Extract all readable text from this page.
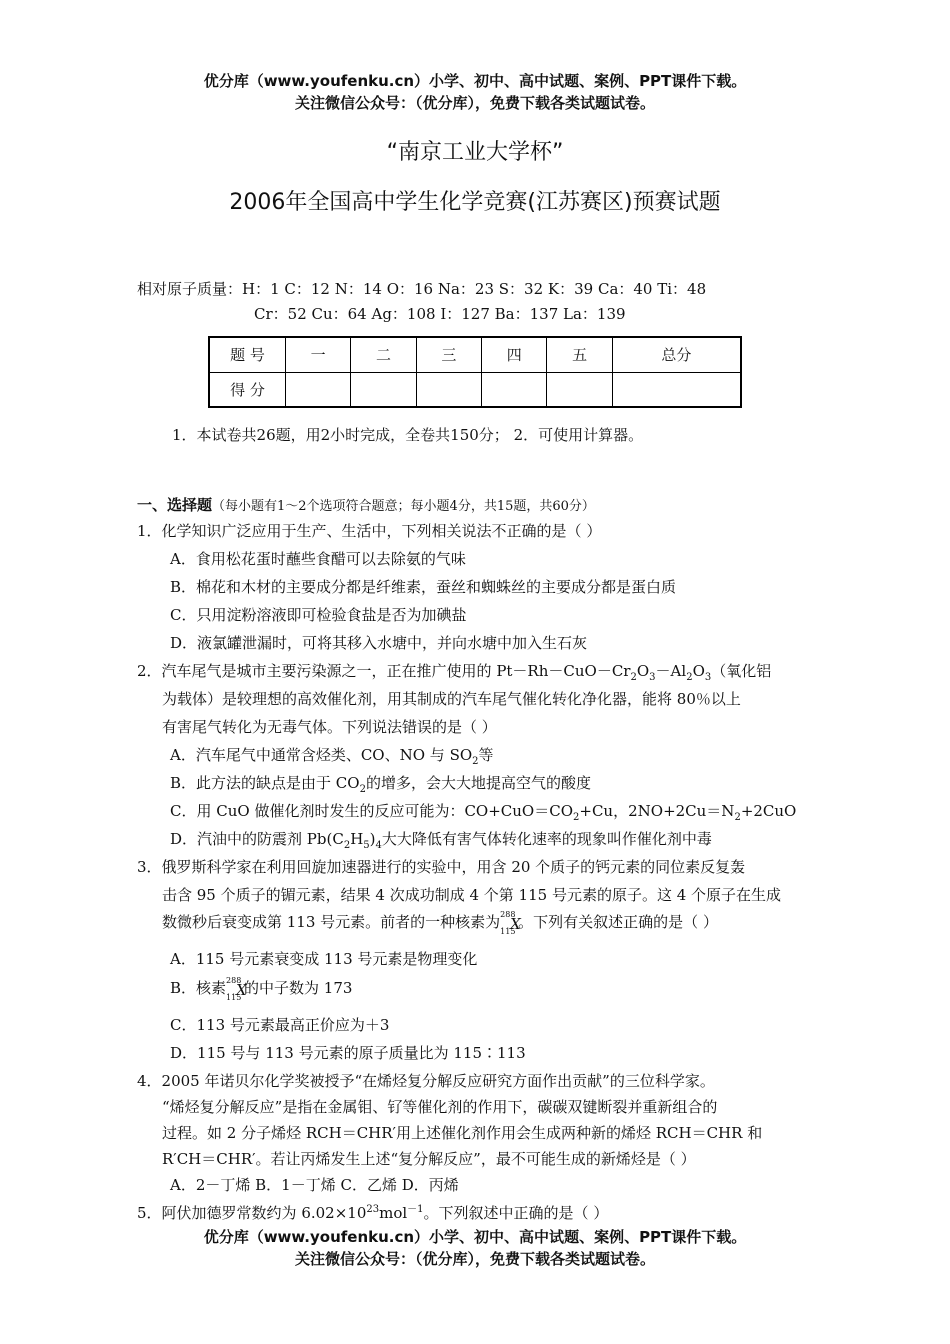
优分库（www.youfenku.cn）小学、初中、高中试题、案例、PPT课件下载。
关注微信公众号：（优分库），免费下载各类试题试卷。
“南京工业大学杯”
2006年全国高中学生化学竞赛(江苏赛区)预赛试题
相对原子质量：H：1 C：12 N：14 O：16 Na：23 S：32 K：39 Ca：40 Ti：48
Cr：52 Cu：64 Ag：108 I：127 Ba：137 La：139
题 号	一	二	三	四	五	总分
得 分						
1．本试卷共26题，用2小时完成，全卷共150分； 2．可使用计算器。
一、选择题（每小题有1～2个选项符合题意；每小题4分，共15题，共60分）
1．化学知识广泛应用于生产、生活中，下列相关说法不正确的是（ ）
A．食用松花蛋时蘸些食醋可以去除氨的气味
B．棉花和木材的主要成分都是纤维素，蚕丝和蜘蛛丝的主要成分都是蛋白质
C．只用淀粉溶液即可检验食盐是否为加碘盐
D．液氯罐泄漏时，可将其移入水塘中，并向水塘中加入生石灰
2．汽车尾气是城市主要污染源之一，正在推广使用的 $Pt-Rh-CuO-Cr_2O_3-Al_2O_3$（氧化铝
为载体）是较理想的高效催化剂，用其制成的汽车尾气催化转化净化器，能将 80％以上
有害尾气转化为无毒气体。下列说法错误的是（ ）
A．汽车尾气中通常含烃类、CO、NO 与 $SO_2$等
B．此方法的缺点是由于 $CO_2$的增多，会大大地提高空气的酸度
C．用 CuO 做催化剂时发生的反应可能为：$CO+CuO=CO_2+Cu$，$2NO+2Cu=N_2+2CuO$
D．汽油中的防震剂 $Pb(C_2H_5)_4$大大降低有害气体转化速率的现象叫作催化剂中毒
3．俄罗斯科学家在利用回旋加速器进行的实验中，用含 20 个质子的钙元素的同位素反复轰
击含 95 个质子的镅元素，结果 4 次成功制成 4 个第 115 号元素的原子。这 4 个原子在生成
数微秒后衰变成第 113 号元素。前者的一种核素为 288
115
X
。下列有关叙述正确的是（ ）
A．115 号元素衰变成 113 号元素是物理变化
B．核素 288
115
X
的中子数为 173
C．113 号元素最高正价应为＋3
D．115 号与 113 号元素的原子质量比为 115∶113
4．2005 年诺贝尔化学奖被授予“在烯烃复分解反应研究方面作出贡献”的三位科学家。
“烯烃复分解反应”是指在金属钼、钌等催化剂的作用下，碳碳双键断裂并重新组合的
过程。如 2 分子烯烃 RCH＝CHR′用上述催化剂作用会生成两种新的烯烃 RCH＝CHR 和
R′CH＝CHR′。若让丙烯发生上述“复分解反应”，最不可能生成的新烯烃是（ ）
A．2－丁烯 B．1－丁烯 C．乙烯 D．丙烯
5．阿伏加德罗常数约为 $6.02\times 10^{23}mol^{-1}$。下列叙述中正确的是（ ）
优分库（www.youfenku.cn）小学、初中、高中试题、案例、PPT课件下载。
关注微信公众号：（优分库），免费下载各类试题试卷。
